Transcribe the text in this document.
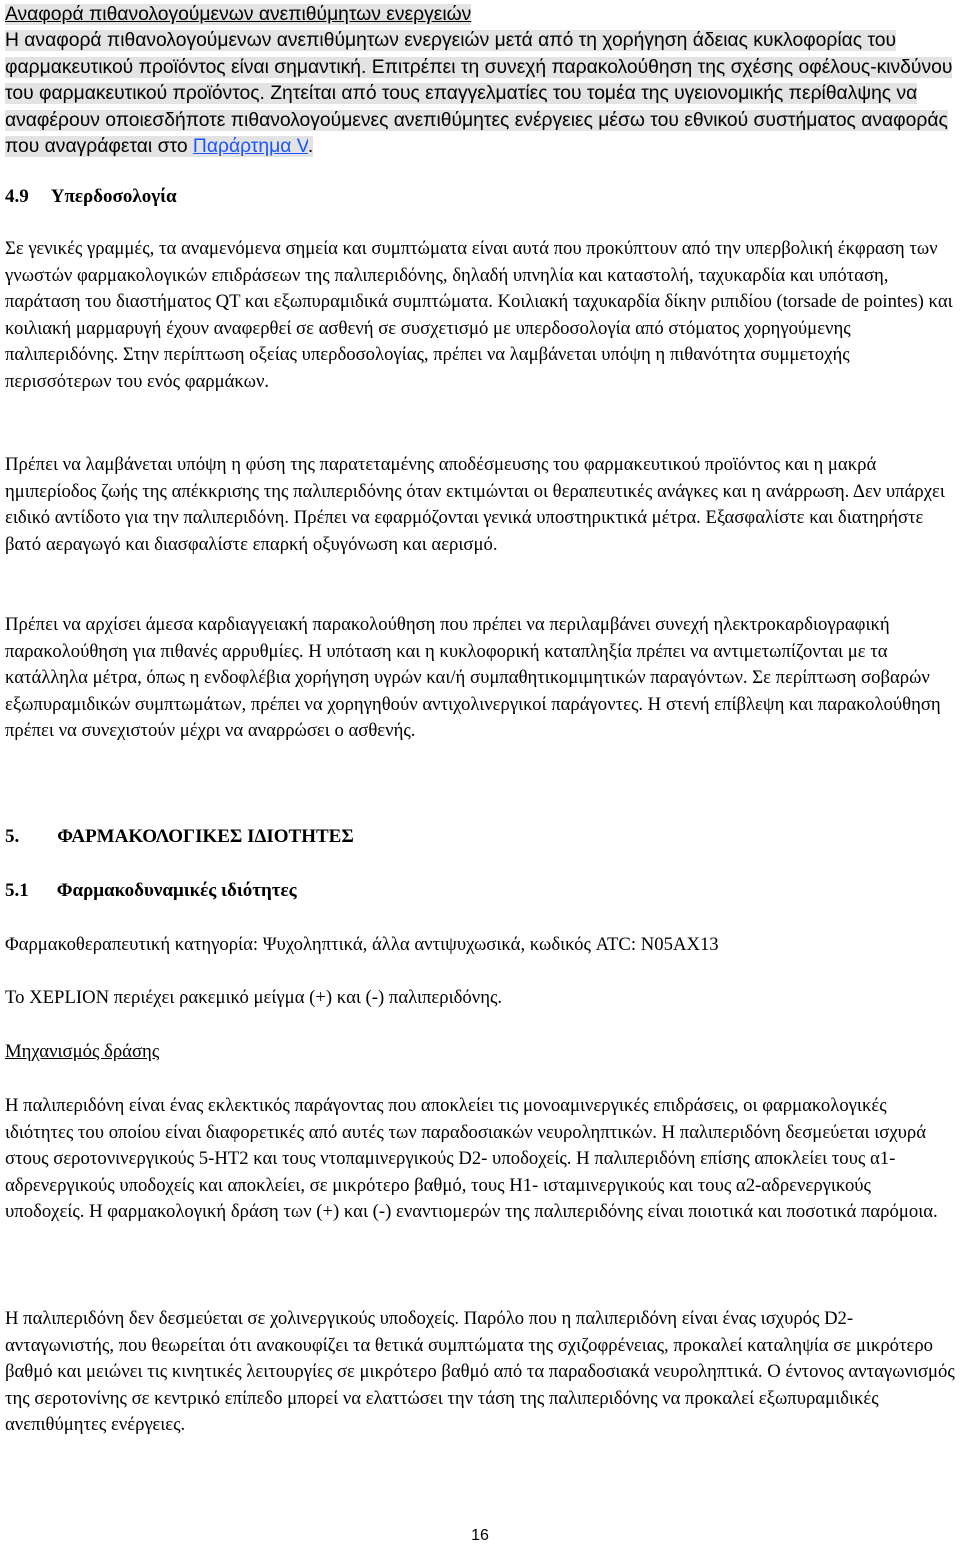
Αναφορά πιθανολογούμενων ανεπιθύμητων ενεργειών
Η αναφορά πιθανολογούμενων ανεπιθύμητων ενεργειών μετά από τη χορήγηση άδειας κυκλοφορίας του φαρμακευτικού προϊόντος είναι σημαντική. Επιτρέπει τη συνεχή παρακολούθηση της σχέσης οφέλους-κινδύνου του φαρμακευτικού προϊόντος. Ζητείται από τους επαγγελματίες του τομέα της υγειονομικής περίθαλψης να αναφέρουν οποιεσδήποτε πιθανολογούμενες ανεπιθύμητες ενέργειες μέσω του εθνικού συστήματος αναφοράς που αναγράφεται στο Παράρτημα V.

4.9 Υπερδοσολογία

Σε γενικές γραμμές, τα αναμενόμενα σημεία και συμπτώματα είναι αυτά που προκύπτουν από την υπερβολική έκφραση των γνωστών φαρμακολογικών επιδράσεων της παλιπεριδόνης, δηλαδή υπνηλία και καταστολή, ταχυκαρδία και υπόταση, παράταση του διαστήματος QT και εξωπυραμιδικά συμπτώματα. Κοιλιακή ταχυκαρδία δίκην ριπιδίου (torsade de pointes) και κοιλιακή μαρμαρυγή έχουν αναφερθεί σε ασθενή σε συσχετισμό με υπερδοσολογία από στόματος χορηγούμενης παλιπεριδόνης. Στην περίπτωση οξείας υπερδοσολογίας, πρέπει να λαμβάνεται υπόψη η πιθανότητα συμμετοχής περισσότερων του ενός φαρμάκων.

Πρέπει να λαμβάνεται υπόψη η φύση της παρατεταμένης αποδέσμευσης του φαρμακευτικού προϊόντος και η μακρά ημιπερίοδος ζωής της απέκκρισης της παλιπεριδόνης όταν εκτιμώνται οι θεραπευτικές ανάγκες και η ανάρρωση. Δεν υπάρχει ειδικό αντίδοτο για την παλιπεριδόνη. Πρέπει να εφαρμόζονται γενικά υποστηρικτικά μέτρα. Εξασφαλίστε και διατηρήστε βατό αεραγωγό και διασφαλίστε επαρκή οξυγόνωση και αερισμό.

Πρέπει να αρχίσει άμεσα καρδιαγγειακή παρακολούθηση που πρέπει να περιλαμβάνει συνεχή ηλεκτροκαρδιογραφική παρακολούθηση για πιθανές αρρυθμίες. Η υπόταση και η κυκλοφορική καταπληξία πρέπει να αντιμετωπίζονται με τα κατάλληλα μέτρα, όπως η ενδοφλέβια χορήγηση υγρών και/ή συμπαθητικομιμητικών παραγόντων. Σε περίπτωση σοβαρών εξωπυραμιδικών συμπτωμάτων, πρέπει να χορηγηθούν αντιχολινεργικοί παράγοντες. Η στενή επίβλεψη και παρακολούθηση πρέπει να συνεχιστούν μέχρι να αναρρώσει ο ασθενής.

5. ΦΑΡΜΑΚΟΛΟΓΙΚΕΣ ΙΔΙΟΤΗΤΕΣ
5.1 Φαρμακοδυναμικές ιδιότητες

Φαρμακοθεραπευτική κατηγορία: Ψυχοληπτικά, άλλα αντιψυχωσικά, κωδικός ATC: N05AX13

Το XEPLION περιέχει ρακεμικό μείγμα (+) και (-) παλιπεριδόνης.

Μηχανισμός δράσης

Η παλιπεριδόνη είναι ένας εκλεκτικός παράγοντας που αποκλείει τις μονοαμινεργικές επιδράσεις, οι φαρμακολογικές ιδιότητες του οποίου είναι διαφορετικές από αυτές των παραδοσιακών νευροληπτικών. Η παλιπεριδόνη δεσμεύεται ισχυρά στους σεροτονινεργικούς 5-HT2 και τους ντοπαμινεργικούς D2- υποδοχείς. Η παλιπεριδόνη επίσης αποκλείει τους α1-αδρενεργικούς υποδοχείς και αποκλείει, σε μικρότερο βαθμό, τους H1- ισταμινεργικούς και τους α2-αδρενεργικούς υποδοχείς. Η φαρμακολογική δράση των (+) και (-) εναντιομερών της παλιπεριδόνης είναι ποιοτικά και ποσοτικά παρόμοια.

Η παλιπεριδόνη δεν δεσμεύεται σε χολινεργικούς υποδοχείς. Παρόλο που η παλιπεριδόνη είναι ένας ισχυρός D2- ανταγωνιστής, που θεωρείται ότι ανακουφίζει τα θετικά συμπτώματα της σχιζοφρένειας, προκαλεί καταληψία σε μικρότερο βαθμό και μειώνει τις κινητικές λειτουργίες σε μικρότερο βαθμό από τα παραδοσιακά νευροληπτικά. Ο έντονος ανταγωνισμός της σεροτονίνης σε κεντρικό επίπεδο μπορεί να ελαττώσει την τάση της παλιπεριδόνης να προκαλεί εξωπυραμιδικές ανεπιθύμητες ενέργειες.

16
